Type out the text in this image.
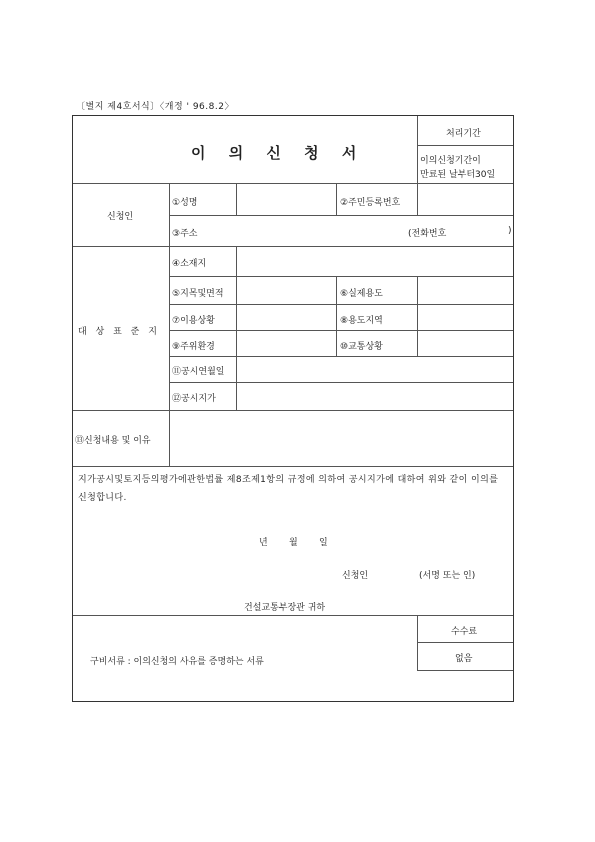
〔별지 제4호서식〕〈개정 ' 96.8.2〉
이 의 신 청 서
처리기간
이의신청기간이
만료된 날부터30일
신청인
①성명	②주민등록번호
③주소	(전화번호	)
대 상 표 준 지
④소재지
⑤지목및면적	⑥실제용도
⑦이용상황	⑧용도지역
⑨주위환경	⑩교통상황
⑪공시연월일
⑫공시지가
⑬신청내용 및 이유
지가공시및토지등의평가에관한법률 제8조제1항의 규정에 의하여 공시지가에 대하여 위와 같이 이의를 신청합니다.
년 월 일
신청인	(서명 또는 인)
건설교통부장관 귀하
구비서류 : 이의신청의 사유를 증명하는 서류
수수료
없음
